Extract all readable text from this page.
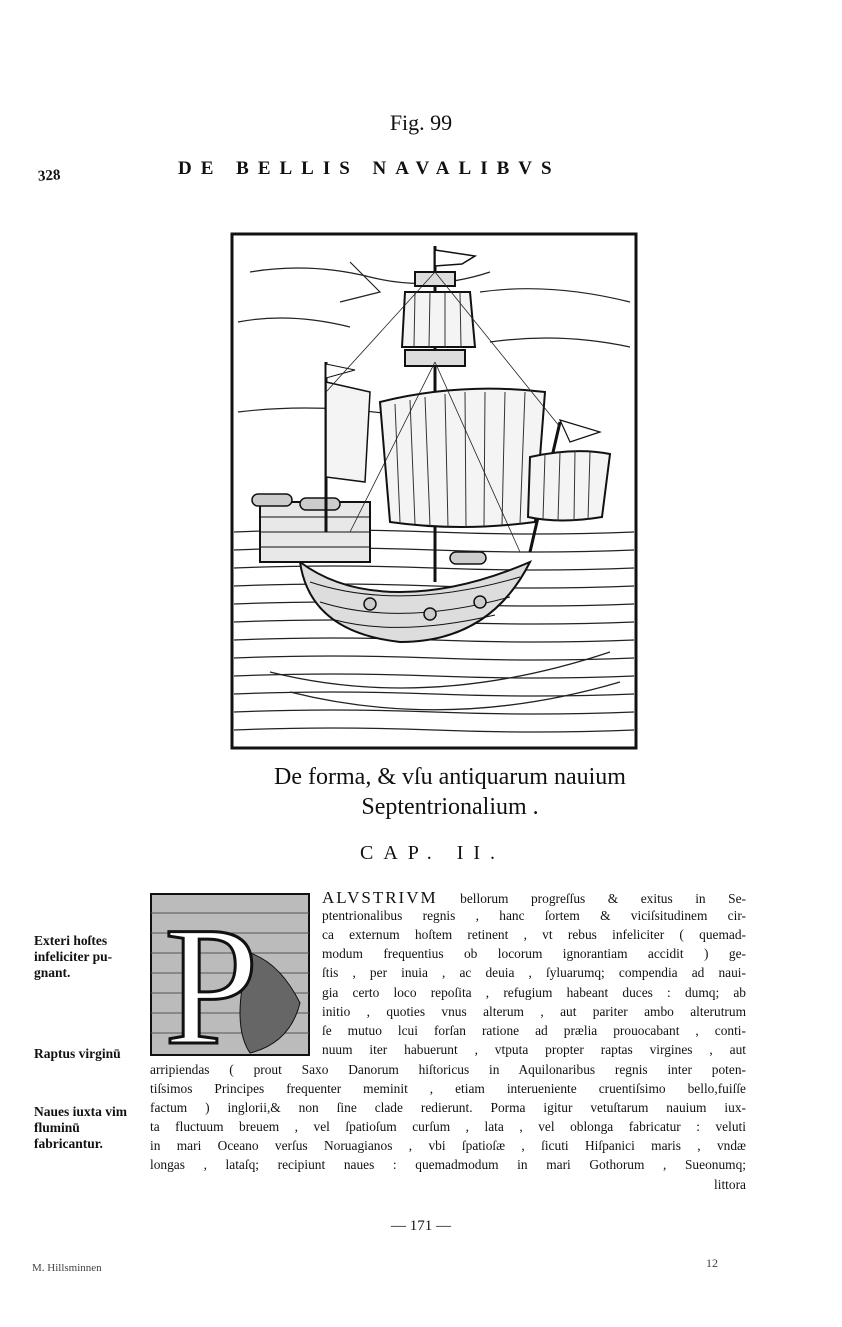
Fig. 99
328	DE BELLIS NAVALIBVS
De forma, & vſu antiquarum nauium
Septentrionalium .
CAP. II.
P	ALVSTRIVM bellorum progreſſus & exitus in Se-
ptentrionalibus regnis , hanc ſortem & viciſsitudinem cir-
ca externum hoſtem retinent , vt rebus infeliciter ( quemad-
modum frequentius ob locorum ignorantiam accidit ) ge-
ſtis , per inuia , ac deuia , ſyluarumq; compendia ad naui-
gia certo loco repoſita , refugium habeant duces : dumq; ab
initio , quoties vnus alterum , aut pariter ambo alterutrum
ſe mutuo lcui forſan ratione ad prælia prouocabant , conti-
nuum iter habuerunt , vtputa propter raptas virgines , aut
arripiendas ( prout Saxo Danorum hiſtoricus in Aquilonaribus regnis inter poten-
tiſsimos Principes frequenter meminit , etiam interueniente cruentiſsimo bello,fuiſſe
factum ) inglorii,& non ſine clade redierunt. Porma igitur vetuſtarum nauium iux-
ta fluctuum breuem , vel ſpatioſum curſum , lata , vel oblonga fabricatur : veluti
in mari Oceano verſus Noruagianos , vbi ſpatioſæ , ſicuti Hiſpanici maris , vndæ
longas , lataſq; recipiunt naues : quemadmodum in mari Gothorum , Sueonumq;
littora
Exteri hoſtes infeliciter pu- gnant.
Raptus virginū
Naues iuxta vim fluminū fabricantur.
— 171 —
M. Hillsminnen	12
